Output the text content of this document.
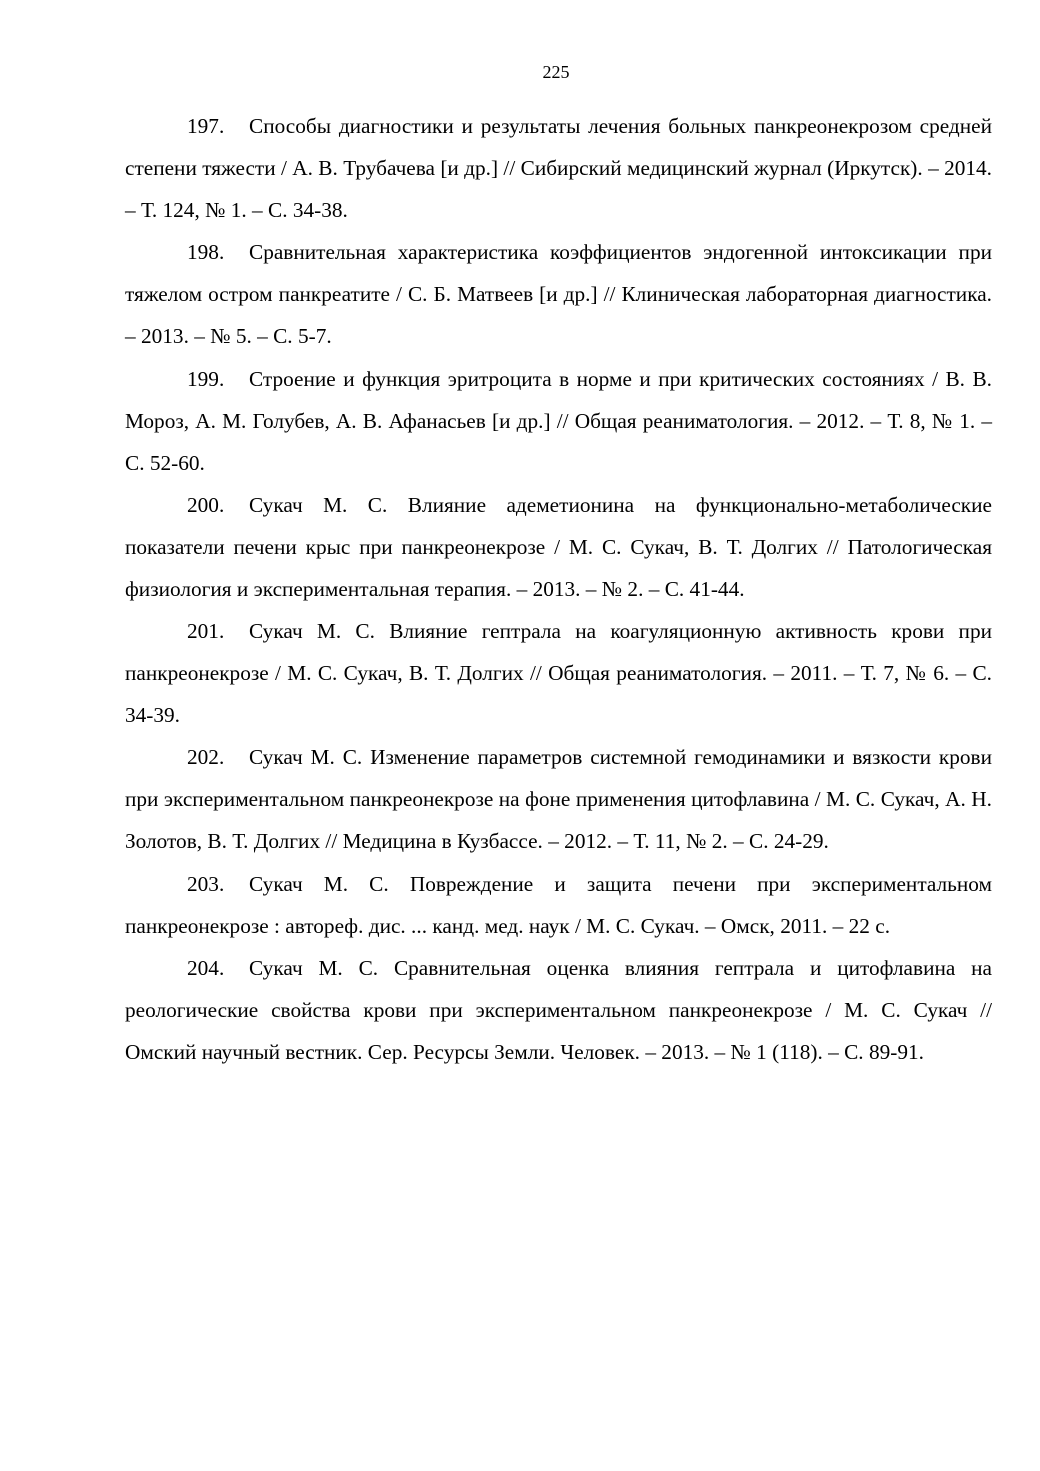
225

197. Способы диагностики и результаты лечения больных панкреонекрозом средней степени тяжести / А. В. Трубачева [и др.] // Сибирский медицинский журнал (Иркутск). – 2014. – Т. 124, № 1. – С. 34-38.

198. Сравнительная характеристика коэффициентов эндогенной интоксикации при тяжелом остром панкреатите / С. Б. Матвеев [и др.] // Клиническая лабораторная диагностика. – 2013. – № 5. – С. 5-7.

199. Строение и функция эритроцита в норме и при критических состояниях / В. В. Мороз, А. М. Голубев, А. В. Афанасьев [и др.] // Общая реаниматология. – 2012. – Т. 8, № 1. – С. 52-60.

200. Сукач М. С. Влияние адеметионина на функционально-метаболические показатели печени крыс при панкреонекрозе / М. С. Сукач, В. Т. Долгих // Патологическая физиология и экспериментальная терапия. – 2013. – № 2. – С. 41-44.

201. Сукач М. С. Влияние гептрала на коагуляционную активность крови при панкреонекрозе / М. С. Сукач, В. Т. Долгих // Общая реаниматология. – 2011. – Т. 7, № 6. – С. 34-39.

202. Сукач М. С. Изменение параметров системной гемодинамики и вязкости крови при экспериментальном панкреонекрозе на фоне применения цитофлавина / М. С. Сукач, А. Н. Золотов, В. Т. Долгих // Медицина в Кузбассе. – 2012. – Т. 11, № 2. – С. 24-29.

203. Сукач М. С. Повреждение и защита печени при экспериментальном панкреонекрозе : автореф. дис. ... канд. мед. наук / М. С. Сукач. – Омск, 2011. – 22 с.

204. Сукач М. С. Сравнительная оценка влияния гептрала и цитофлавина на реологические свойства крови при экспериментальном панкреонекрозе / М. С. Сукач // Омский научный вестник. Сер. Ресурсы Земли. Человек. – 2013. – № 1 (118). – С. 89-91.
